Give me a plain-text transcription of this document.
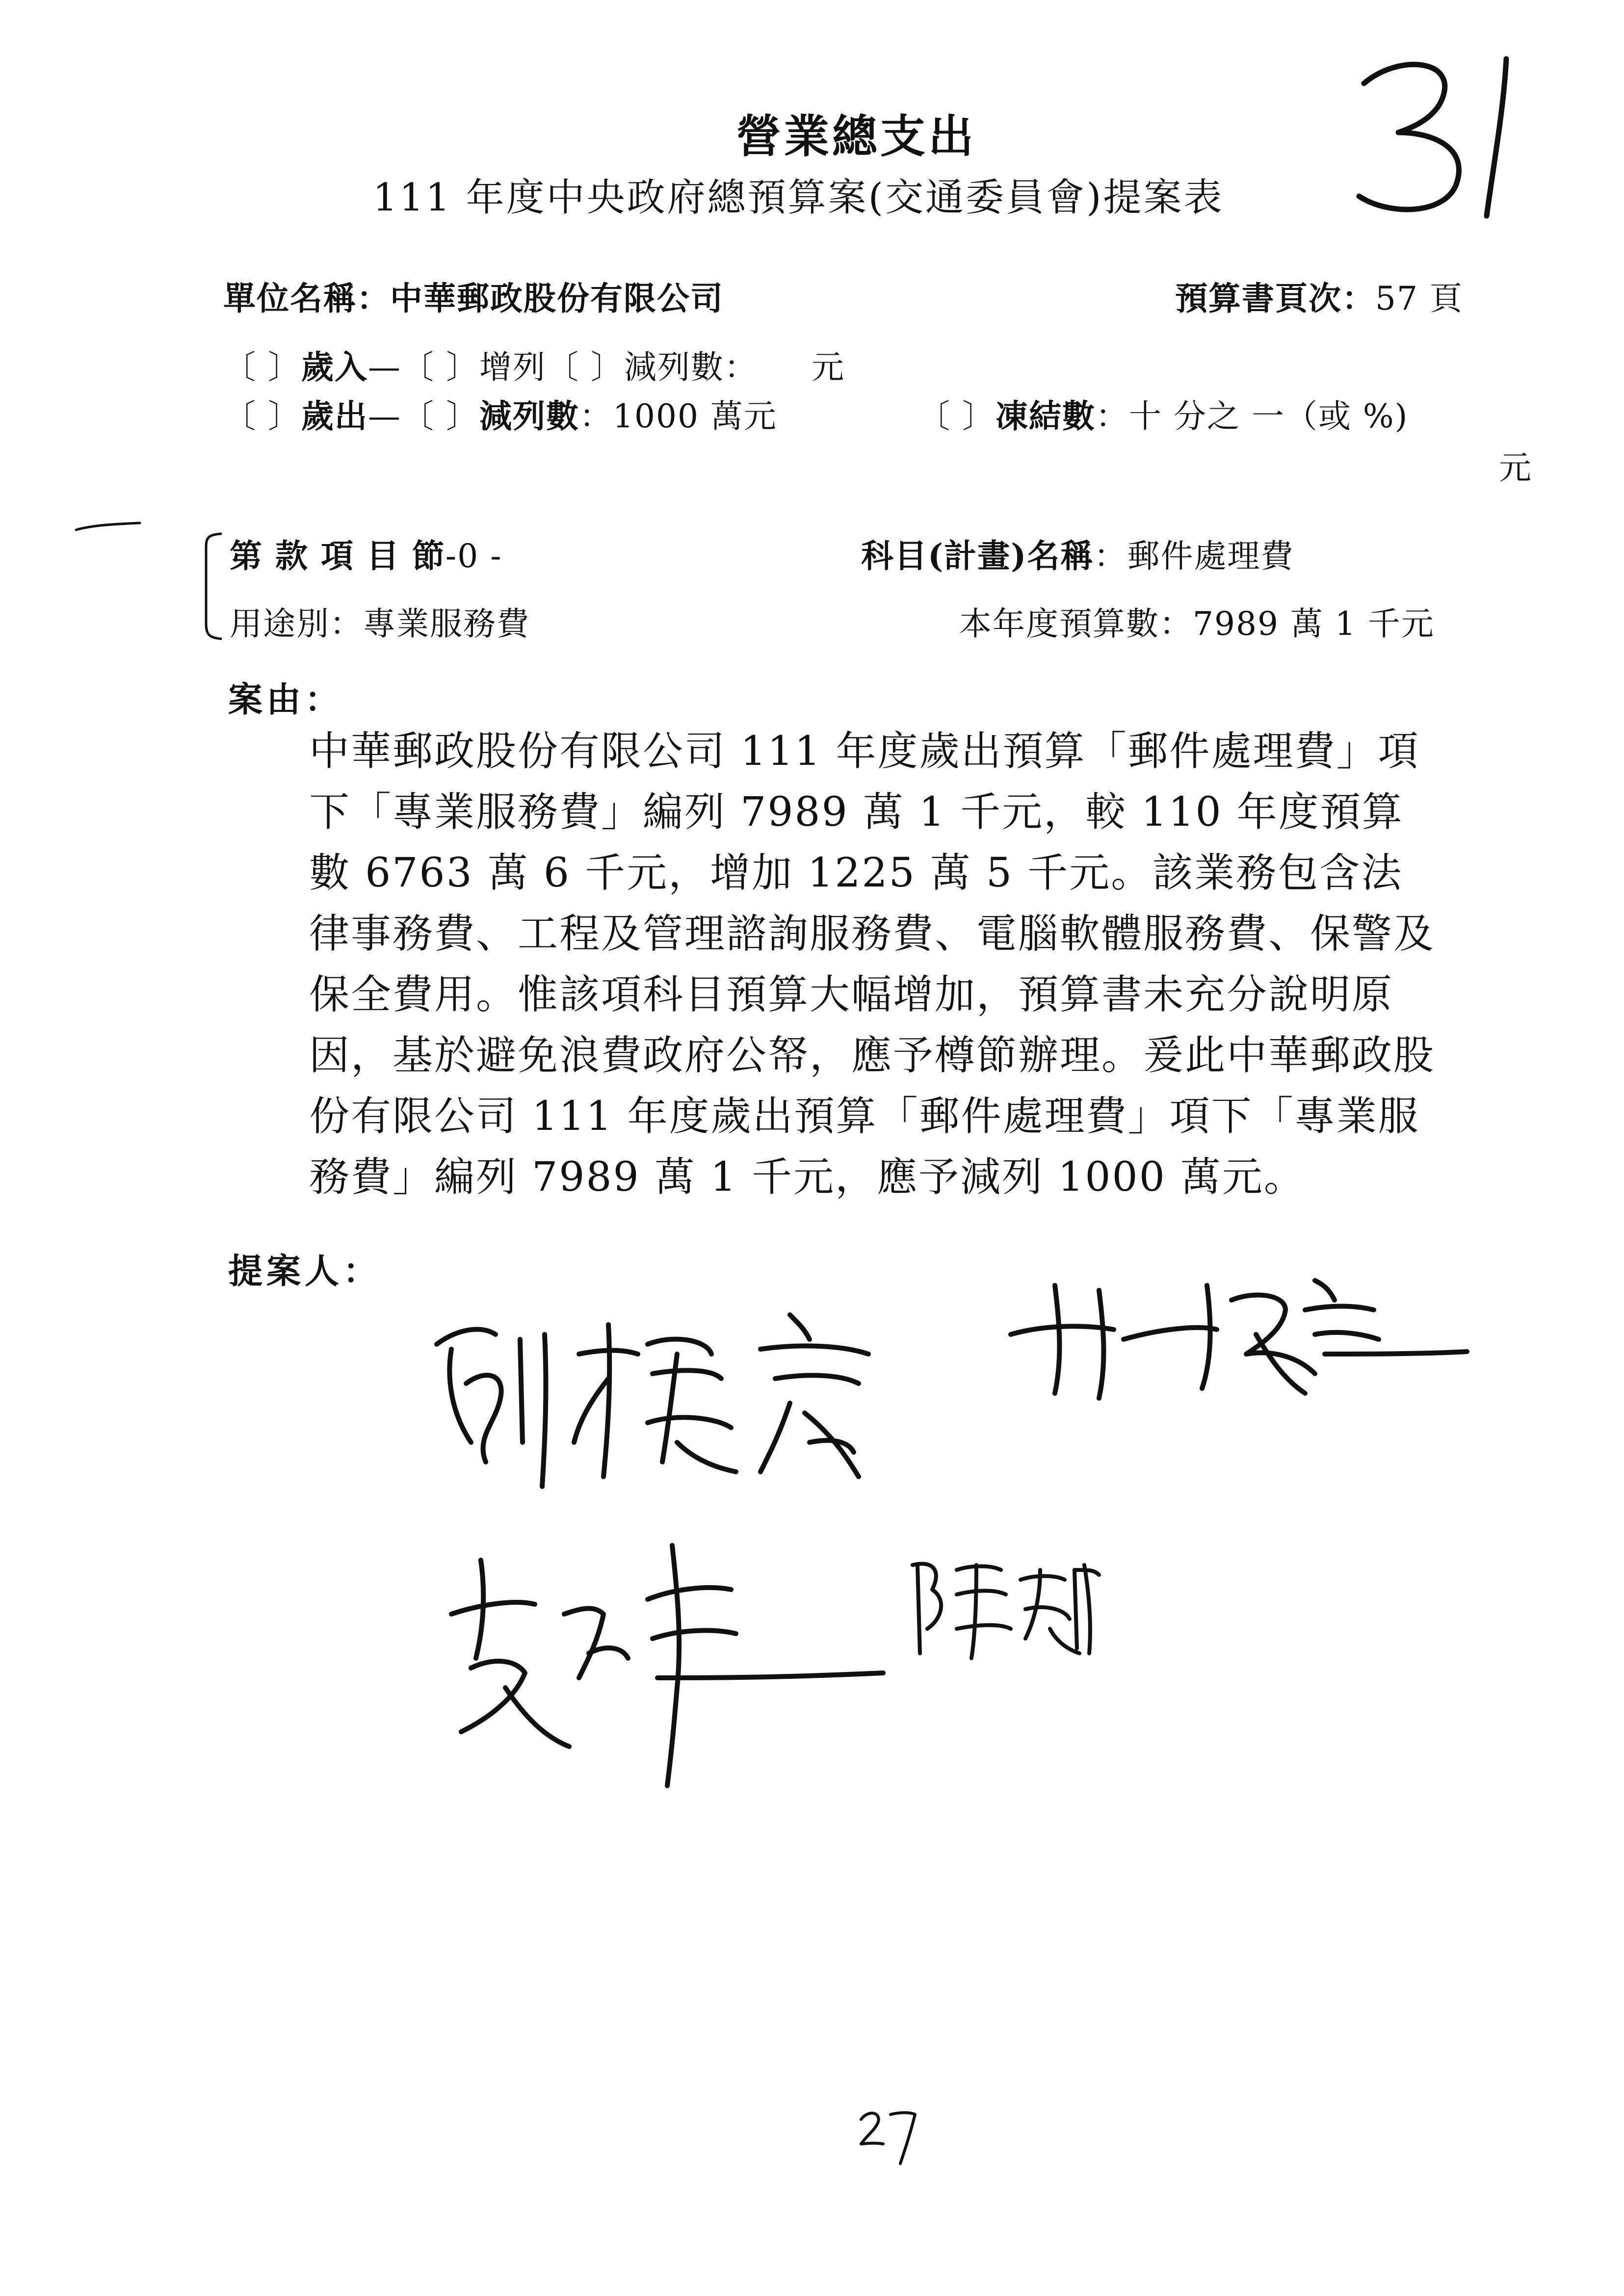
營業總支出
111 年度中央政府總預算案(交通委員會)提案表
單位名稱：中華郵政股份有限公司	預算書頁次：57 頁
〔 〕歲入—〔 〕增列〔 〕減列數： 元
〔 〕歲出—〔 〕減列數：1000 萬元	〔 〕凍結數：十 分之 一（或 %)
元
第 款 項 目 節-0 -	科目(計畫)名稱：郵件處理費
用途別：專業服務費	本年度預算數：7989 萬 1 千元
案由：

中華郵政股份有限公司 111 年度歲出預算「郵件處理費」項下「專業服務費」編列 7989 萬 1 千元，較 110 年度預算數 6763 萬 6 千元，增加 1225 萬 5 千元。該業務包含法律事務費、工程及管理諮詢服務費、電腦軟體服務費、保警及保全費用。惟該項科目預算大幅增加，預算書未充分說明原因，基於避免浪費政府公帑，應予樽節辦理。爰此中華郵政股份有限公司 111 年度歲出預算「郵件處理費」項下「專業服務費」編列 7989 萬 1 千元，應予減列 1000 萬元。

提案人：
